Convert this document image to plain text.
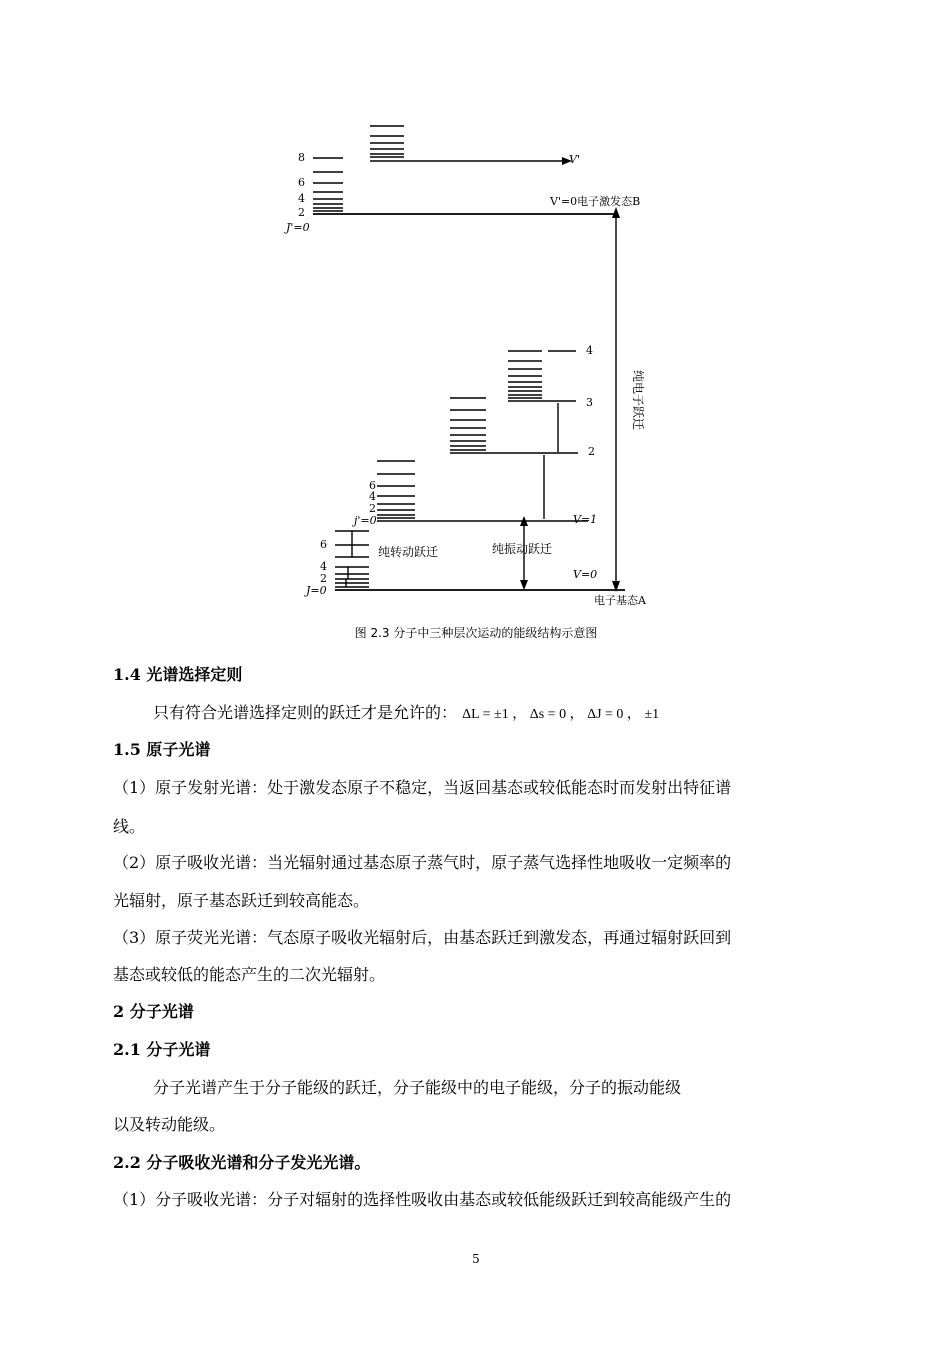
V'
V'=0电子激发态B
8
6
4
2
J'=0
纯电子跃迁
4
3
2
V=1
V=0
电子基态A
6
4
2
j'=0
6
4
2
J=0
纯转动跃迁	纯振动跃迁
图 2.3 分子中三种层次运动的能级结构示意图
1.4 光谱选择定则
只有符合光谱选择定则的跃迁才是允许的： ΔL = ±1 ， Δs = 0 ， ΔJ = 0 ， ±1
1.5 原子光谱
（1）原子发射光谱：处于激发态原子不稳定，当返回基态或较低能态时而发射出特征谱
线。
（2）原子吸收光谱：当光辐射通过基态原子蒸气时，原子蒸气选择性地吸收一定频率的
光辐射，原子基态跃迁到较高能态。
（3）原子荧光光谱：气态原子吸收光辐射后，由基态跃迁到激发态，再通过辐射跃回到
基态或较低的能态产生的二次光辐射。
2 分子光谱
2.1 分子光谱
分子光谱产生于分子能级的跃迁，分子能级中的电子能级，分子的振动能级
以及转动能级。
2.2 分子吸收光谱和分子发光光谱。
（1）分子吸收光谱：分子对辐射的选择性吸收由基态或较低能级跃迁到较高能级产生的
5
